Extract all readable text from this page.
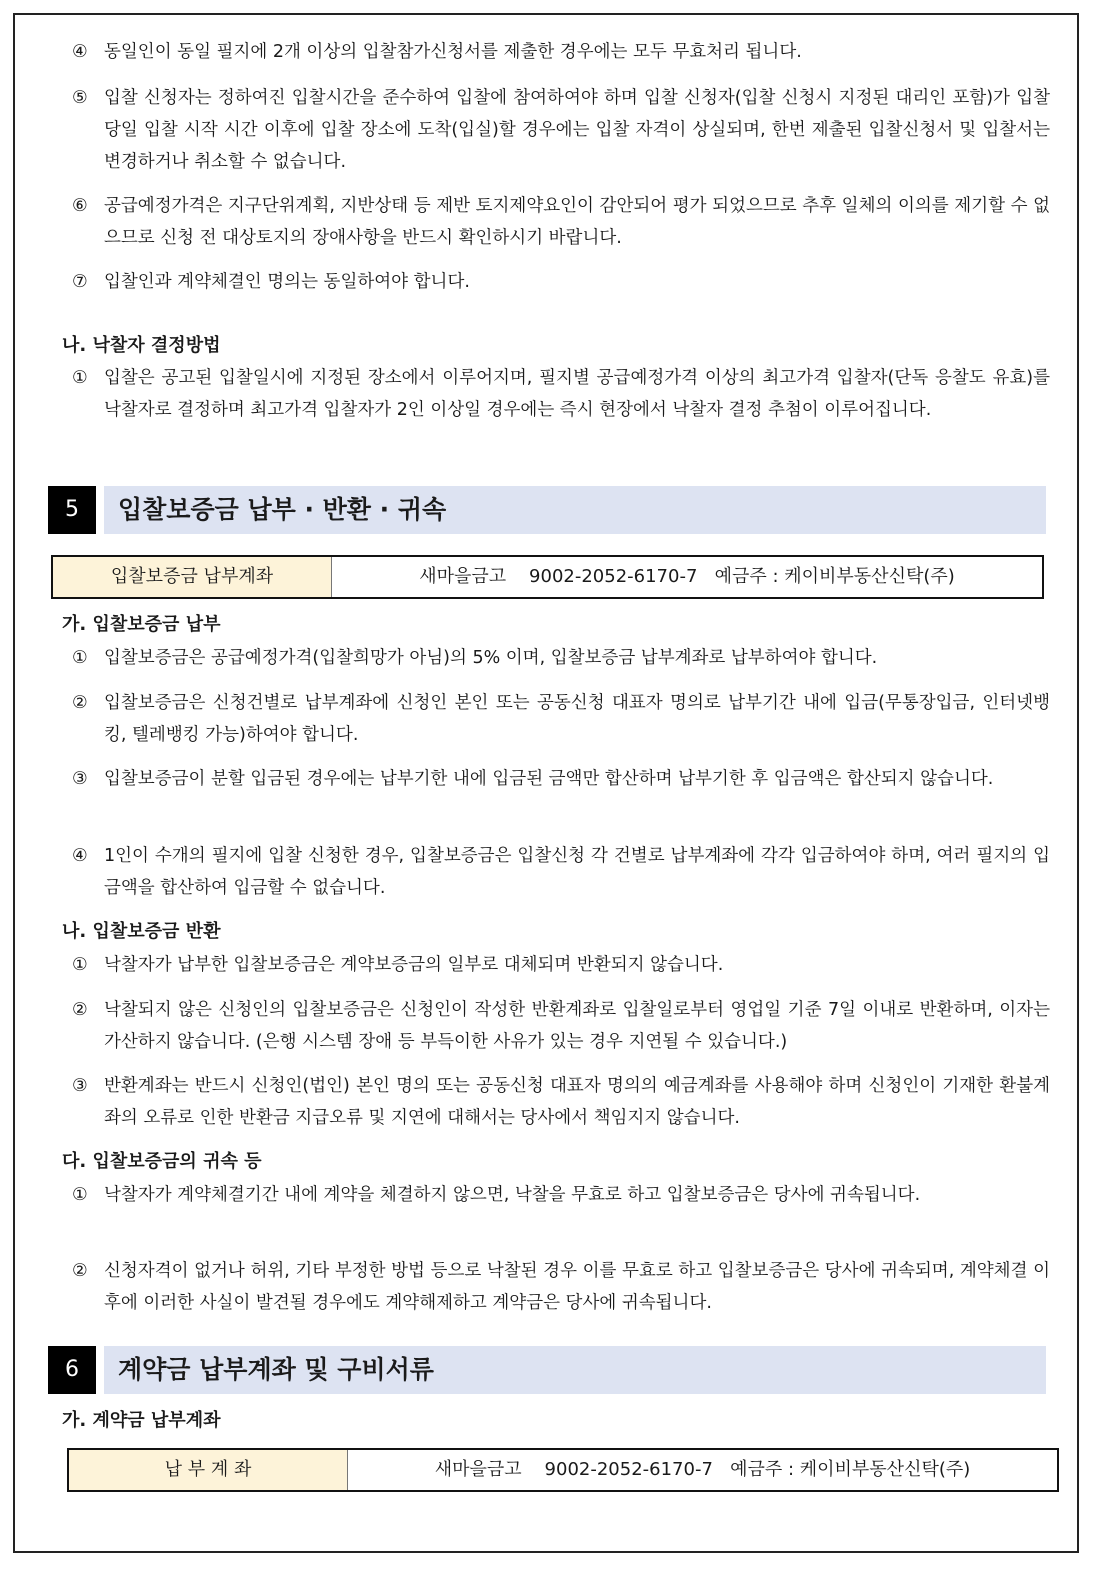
④ 동일인이 동일 필지에 2개 이상의 입찰참가신청서를 제출한 경우에는 모두 무효처리 됩니다.
⑤ 입찰 신청자는 정하여진 입찰시간을 준수하여 입찰에 참여하여야 하며 입찰 신청자(입찰 신청시 지정된 대리인 포함)가 입찰 당일 입찰 시작 시간 이후에 입찰 장소에 도착(입실)할 경우에는 입찰 자격이 상실되며, 한번 제출된 입찰신청서 및 입찰서는 변경하거나 취소할 수 없습니다.
⑥ 공급예정가격은 지구단위계획, 지반상태 등 제반 토지제약요인이 감안되어 평가 되었으므로 추후 일체의 이의를 제기할 수 없으므로 신청 전 대상토지의 장애사항을 반드시 확인하시기 바랍니다.
⑦ 입찰인과 계약체결인 명의는 동일하여야 합니다.
나. 낙찰자 결정방법
① 입찰은 공고된 입찰일시에 지정된 장소에서 이루어지며, 필지별 공급예정가격 이상의 최고가격 입찰자(단독 응찰도 유효)를 낙찰자로 결정하며 최고가격 입찰자가 2인 이상일 경우에는 즉시 현장에서 낙찰자 결정 추첨이 이루어집니다.
5	입찰보증금 납부 · 반환 · 귀속
입찰보증금 납부계좌	새마을금고    9002-2052-6170-7   예금주 : 케이비부동산신탁(주)
가. 입찰보증금 납부
① 입찰보증금은 공급예정가격(입찰희망가 아님)의 5% 이며, 입찰보증금 납부계좌로 납부하여야 합니다.
② 입찰보증금은 신청건별로 납부계좌에 신청인 본인 또는 공동신청 대표자 명의로 납부기간 내에 입금(무통장입금, 인터넷뱅킹, 텔레뱅킹 가능)하여야 합니다.
③ 입찰보증금이 분할 입금된 경우에는 납부기한 내에 입금된 금액만 합산하며 납부기한 후 입금액은 합산되지 않습니다.
④ 1인이 수개의 필지에 입찰 신청한 경우, 입찰보증금은 입찰신청 각 건별로 납부계좌에 각각 입금하여야 하며, 여러 필지의 입금액을 합산하여 입금할 수 없습니다.
나. 입찰보증금 반환
① 낙찰자가 납부한 입찰보증금은 계약보증금의 일부로 대체되며 반환되지 않습니다.
② 낙찰되지 않은 신청인의 입찰보증금은 신청인이 작성한 반환계좌로 입찰일로부터 영업일 기준 7일 이내로 반환하며, 이자는 가산하지 않습니다. (은행 시스템 장애 등 부득이한 사유가 있는 경우 지연될 수 있습니다.)
③ 반환계좌는 반드시 신청인(법인) 본인 명의 또는 공동신청 대표자 명의의 예금계좌를 사용해야 하며 신청인이 기재한 환불계좌의 오류로 인한 반환금 지급오류 및 지연에 대해서는 당사에서 책임지지 않습니다.
다. 입찰보증금의 귀속 등
① 낙찰자가 계약체결기간 내에 계약을 체결하지 않으면, 낙찰을 무효로 하고 입찰보증금은 당사에 귀속됩니다.
② 신청자격이 없거나 허위, 기타 부정한 방법 등으로 낙찰된 경우 이를 무효로 하고 입찰보증금은 당사에 귀속되며, 계약체결 이후에 이러한 사실이 발견될 경우에도 계약해제하고 계약금은 당사에 귀속됩니다.
6	계약금 납부계좌 및 구비서류
가. 계약금 납부계좌
납 부 계 좌	새마을금고    9002-2052-6170-7   예금주 : 케이비부동산신탁(주)
